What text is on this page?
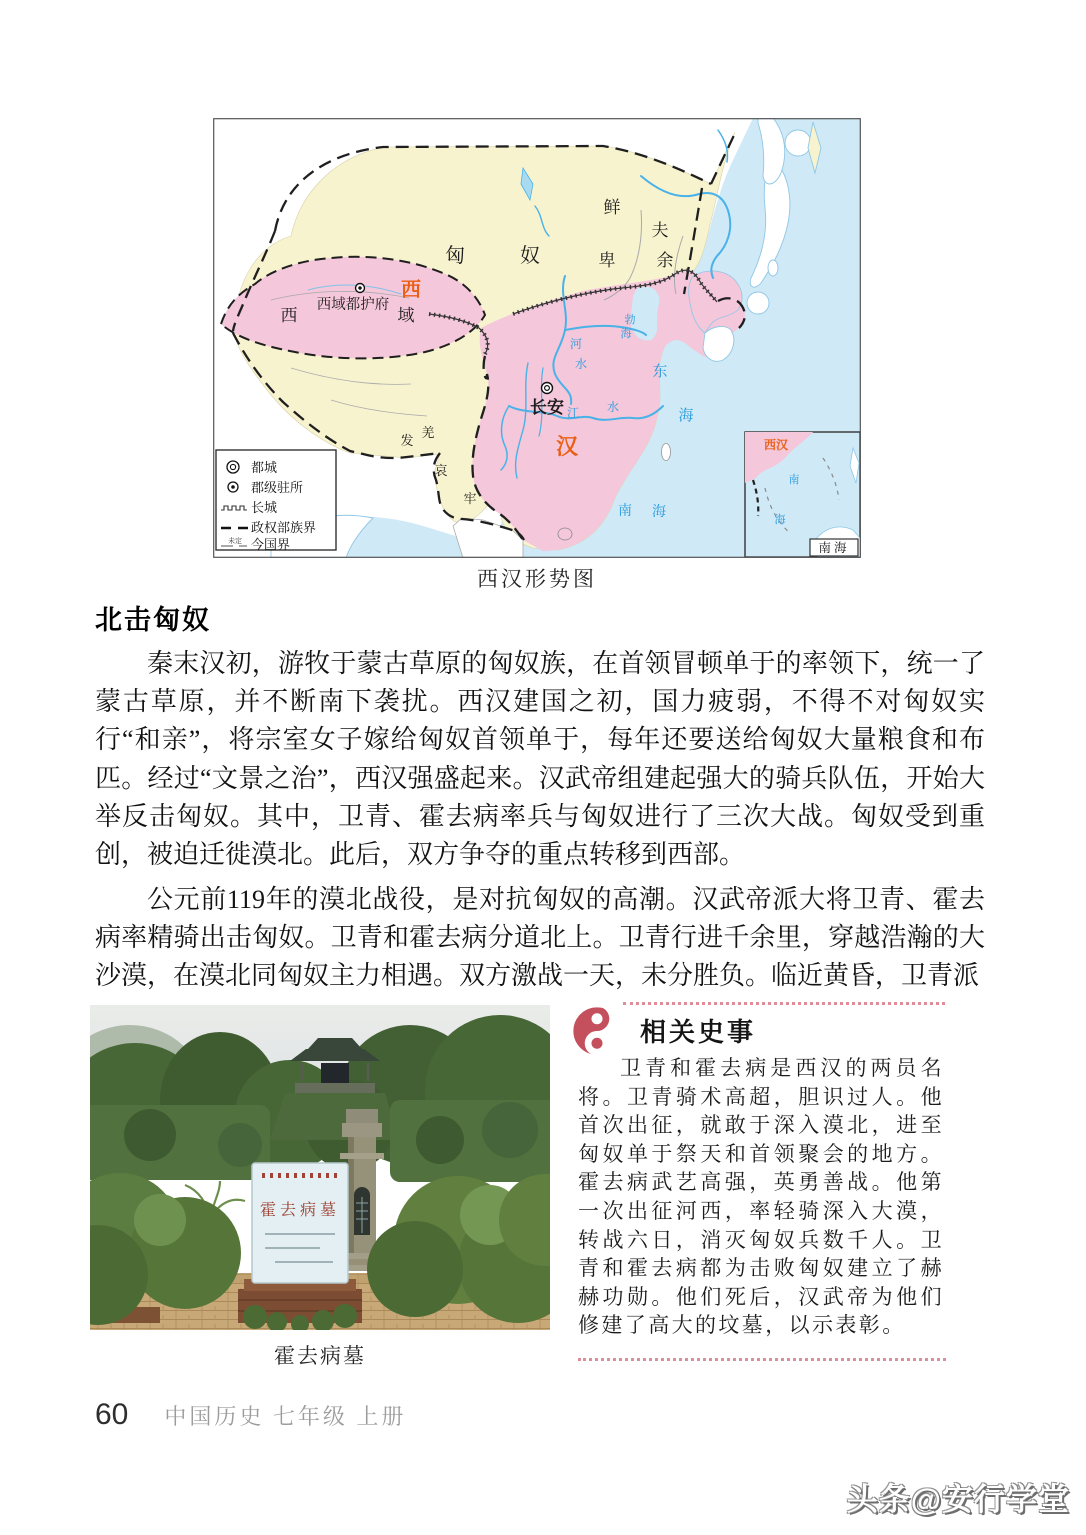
匈	奴
鲜
卑
夫
余
西	域
西域都护府
西
汉
长安
发
羌
哀
牢
勃
海
东
海
南 海
河
水
江 水
都城
郡级驻所
长城
政权部族界
未定 今国界
西汉
南
海
南海
西汉形势图
北击匈奴

秦末汉初，游牧于蒙古草原的匈奴族，在首领冒顿单于的率领下，统一了蒙古草原，并不断南下袭扰。西汉建国之初，国力疲弱，不得不对匈奴实行“和亲”，将宗室女子嫁给匈奴首领单于，每年还要送给匈奴大量粮食和布匹。经过“文景之治”，西汉强盛起来。汉武帝组建起强大的骑兵队伍，开始大举反击匈奴。其中，卫青、霍去病率兵与匈奴进行了三次大战。匈奴受到重创，被迫迁徙漠北。此后，双方争夺的重点转移到西部。

公元前119年的漠北战役，是对抗匈奴的高潮。汉武帝派大将卫青、霍去病率精骑出击匈奴。卫青和霍去病分道北上。卫青行进千余里，穿越浩瀚的大沙漠，在漠北同匈奴主力相遇。双方激战一天，未分胜负。临近黄昏，卫青派

霍去病墓
霍去病墓
相关史事

卫青和霍去病是西汉的两员名将。卫青骑术高超，胆识过人。他首次出征，就敢于深入漠北，进至匈奴单于祭天和首领聚会的地方。霍去病武艺高强，英勇善战。他第一次出征河西，率轻骑深入大漠，转战六日，消灭匈奴兵数千人。卫青和霍去病都为击败匈奴建立了赫赫功勋。他们死后，汉武帝为他们修建了高大的坟墓，以示表彰。

60 中国历史 七年级 上册
头条@安行学堂
